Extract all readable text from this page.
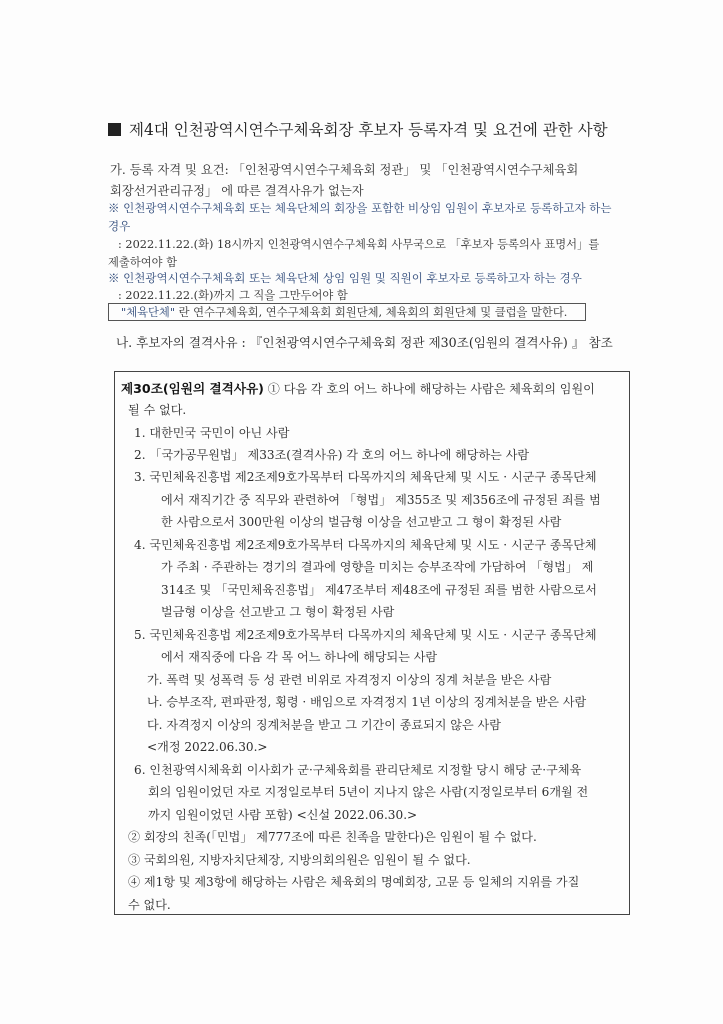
제4대 인천광역시연수구체육회장 후보자 등록자격 및 요건에 관한 사항
가. 등록 자격 및 요건: 「인천광역시연수구체육회 정관」 및 「인천광역시연수구체육회
회장선거관리규정」 에 따른 결격사유가 없는자
※ 인천광역시연수구체육회 또는 체육단체의 회장을 포함한 비상임 임원이 후보자로 등록하고자 하는
경우
: 2022.11.22.(화) 18시까지 인천광역시연수구체육회 사무국으로 「후보자 등록의사 표명서」를
제출하여야 함
※ 인천광역시연수구체육회 또는 체육단체 상임 임원 및 직원이 후보자로 등록하고자 하는 경우
: 2022.11.22.(화)까지 그 직을 그만두어야 함
"체육단체" 란 연수구체육회, 연수구체육회 회원단체, 체육회의 회원단체 및 클럽을 말한다.
나. 후보자의 결격사유 : 『인천광역시연수구체육회 정관 제30조(임원의 결격사유) 』 참조
제30조(임원의 결격사유) ① 다음 각 호의 어느 하나에 해당하는 사람은 체육회의 임원이
될 수 없다.
1. 대한민국 국민이 아닌 사람
2. 「국가공무원법」 제33조(결격사유) 각 호의 어느 하나에 해당하는 사람
3. 국민체육진흥법 제2조제9호가목부터 다목까지의 체육단체 및 시도 · 시군구 종목단체
에서 재직기간 중 직무와 관련하여 「형법」 제355조 및 제356조에 규정된 죄를 범
한 사람으로서 300만원 이상의 벌금형 이상을 선고받고 그 형이 확정된 사람
4. 국민체육진흥법 제2조제9호가목부터 다목까지의 체육단체 및 시도 · 시군구 종목단체
가 주최 · 주관하는 경기의 결과에 영향을 미치는 승부조작에 가담하여 「형법」 제
314조 및 「국민체육진흥법」 제47조부터 제48조에 규정된 죄를 범한 사람으로서
벌금형 이상을 선고받고 그 형이 확정된 사람
5. 국민체육진흥법 제2조제9호가목부터 다목까지의 체육단체 및 시도 · 시군구 종목단체
에서 재직중에 다음 각 목 어느 하나에 해당되는 사람
가. 폭력 및 성폭력 등 성 관련 비위로 자격정지 이상의 징계 처분을 받은 사람
나. 승부조작, 편파판정, 횡령 · 배임으로 자격정지 1년 이상의 징계처분을 받은 사람
다. 자격정지 이상의 징계처분을 받고 그 기간이 종료되지 않은 사람
<개정 2022.06.30.>
6. 인천광역시체육회 이사회가 군·구체육회를 관리단체로 지정할 당시 해당 군·구체육
회의 임원이었던 자로 지정일로부터 5년이 지나지 않은 사람(지정일로부터 6개월 전
까지 임원이었던 사람 포함) <신설 2022.06.30.>
② 회장의 친족(「민법」 제777조에 따른 친족을 말한다)은 임원이 될 수 없다.
③ 국회의원, 지방자치단체장, 지방의회의원은 임원이 될 수 없다.
④ 제1항 및 제3항에 해당하는 사람은 체육회의 명예회장, 고문 등 일체의 지위를 가질
수 없다.
